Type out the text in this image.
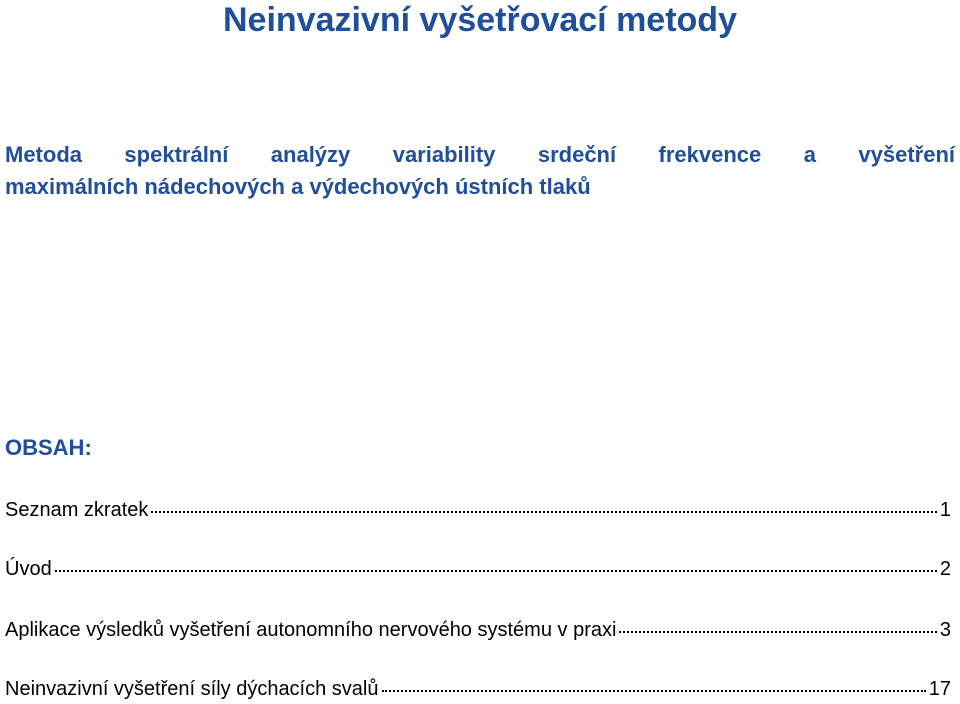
Neinvazivní vyšetřovací metody
Metoda spektrální analýzy variability srdeční frekvence a vyšetření
maximálních nádechových a výdechových ústních tlaků
OBSAH:
Seznam zkratek	1
Úvod	2
Aplikace výsledků vyšetření autonomního nervového systému v praxi	3
Neinvazivní vyšetření síly dýchacích svalů	17
